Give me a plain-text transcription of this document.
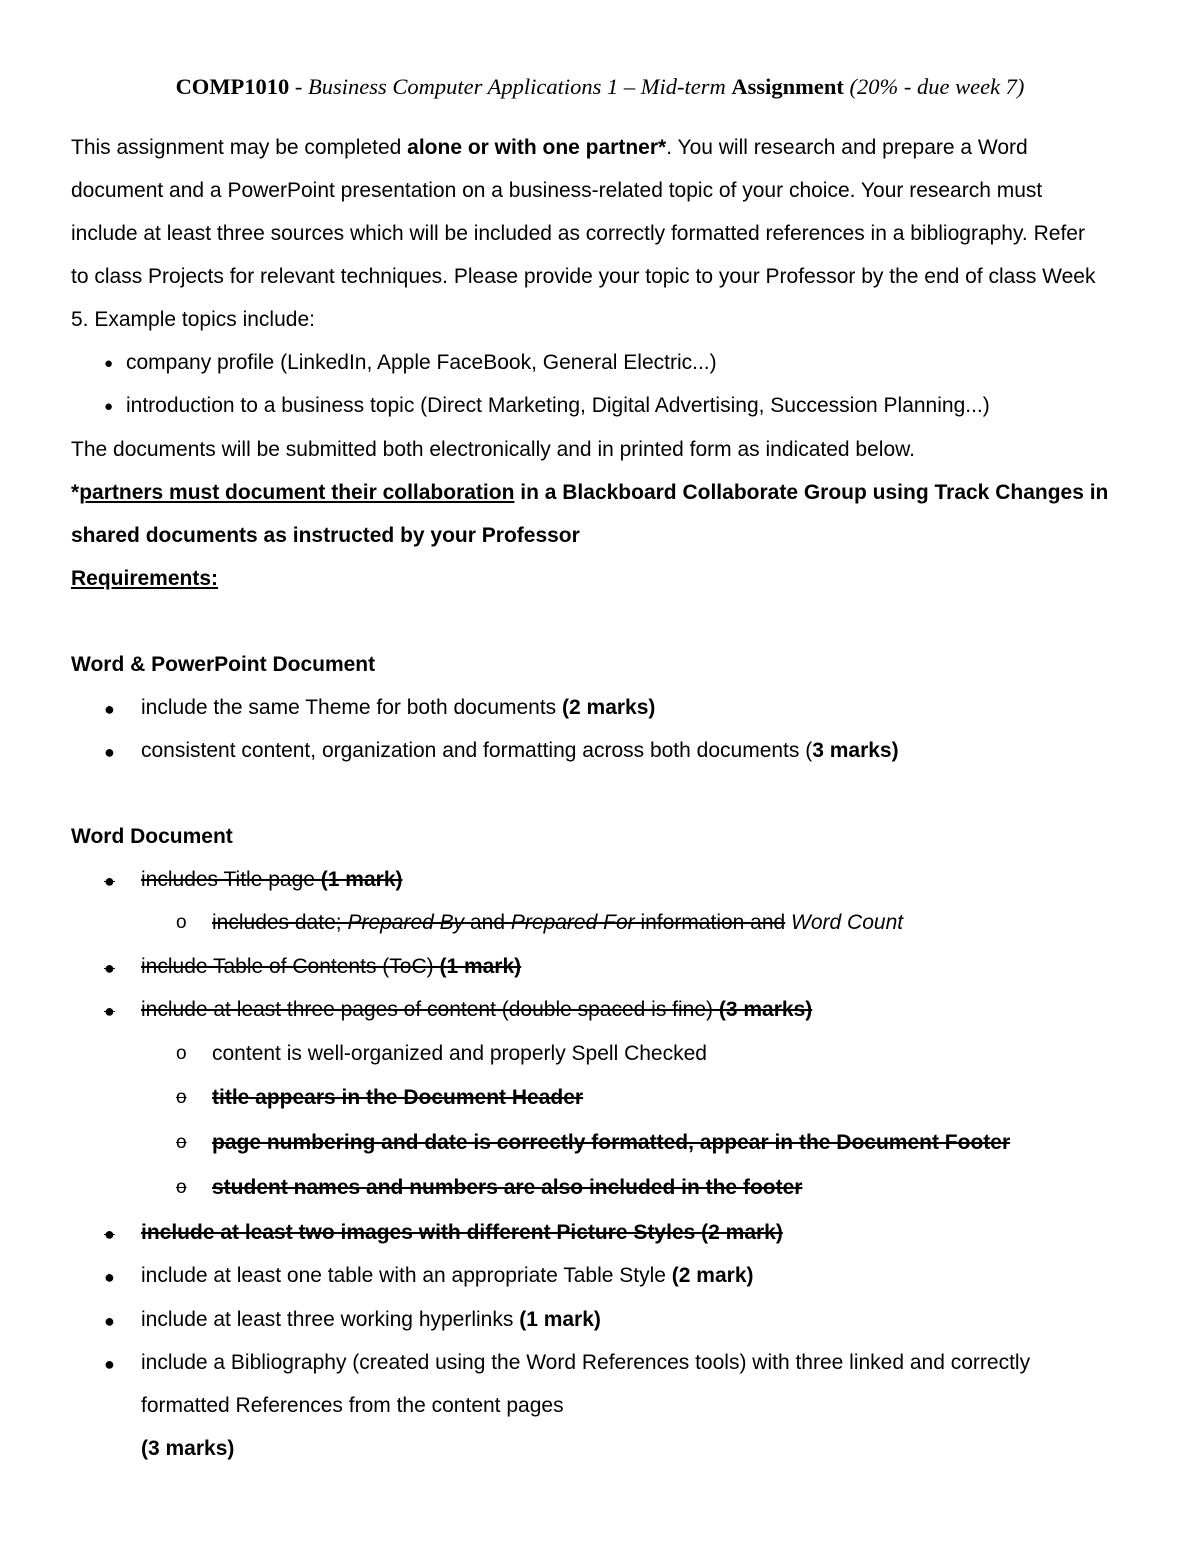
COMP1010 - Business Computer Applications 1 – Mid-term Assignment (20% - due week 7)
This assignment may be completed alone or with one partner*. You will research and prepare a Word
document and a PowerPoint presentation on a business-related topic of your choice. Your research must
include at least three sources which will be included as correctly formatted references in a bibliography. Refer
to class Projects for relevant techniques. Please provide your topic to your Professor by the end of class Week
5. Example topics include:
● company profile (LinkedIn, Apple FaceBook, General Electric...)
● introduction to a business topic (Direct Marketing, Digital Advertising, Succession Planning...)
The documents will be submitted both electronically and in printed form as indicated below.
*partners must document their collaboration in a Blackboard Collaborate Group using Track Changes in
shared documents as instructed by your Professor
Requirements:
Word & PowerPoint Document
● include the same Theme for both documents (2 marks)
● consistent content, organization and formatting across both documents (3 marks)
Word Document
● includes Title page (1 mark)
o includes date; Prepared By and Prepared For information and Word Count
● include Table of Contents (ToC) (1 mark)
● include at least three pages of content (double spaced is fine) (3 marks)
o content is well-organized and properly Spell Checked
o title appears in the Document Header
o page numbering and date is correctly formatted, appear in the Document Footer
o student names and numbers are also included in the footer
● include at least two images with different Picture Styles (2 mark)
● include at least one table with an appropriate Table Style (2 mark)
● include at least three working hyperlinks (1 mark)
● include a Bibliography (created using the Word References tools) with three linked and correctly
formatted References from the content pages
(3 marks)
